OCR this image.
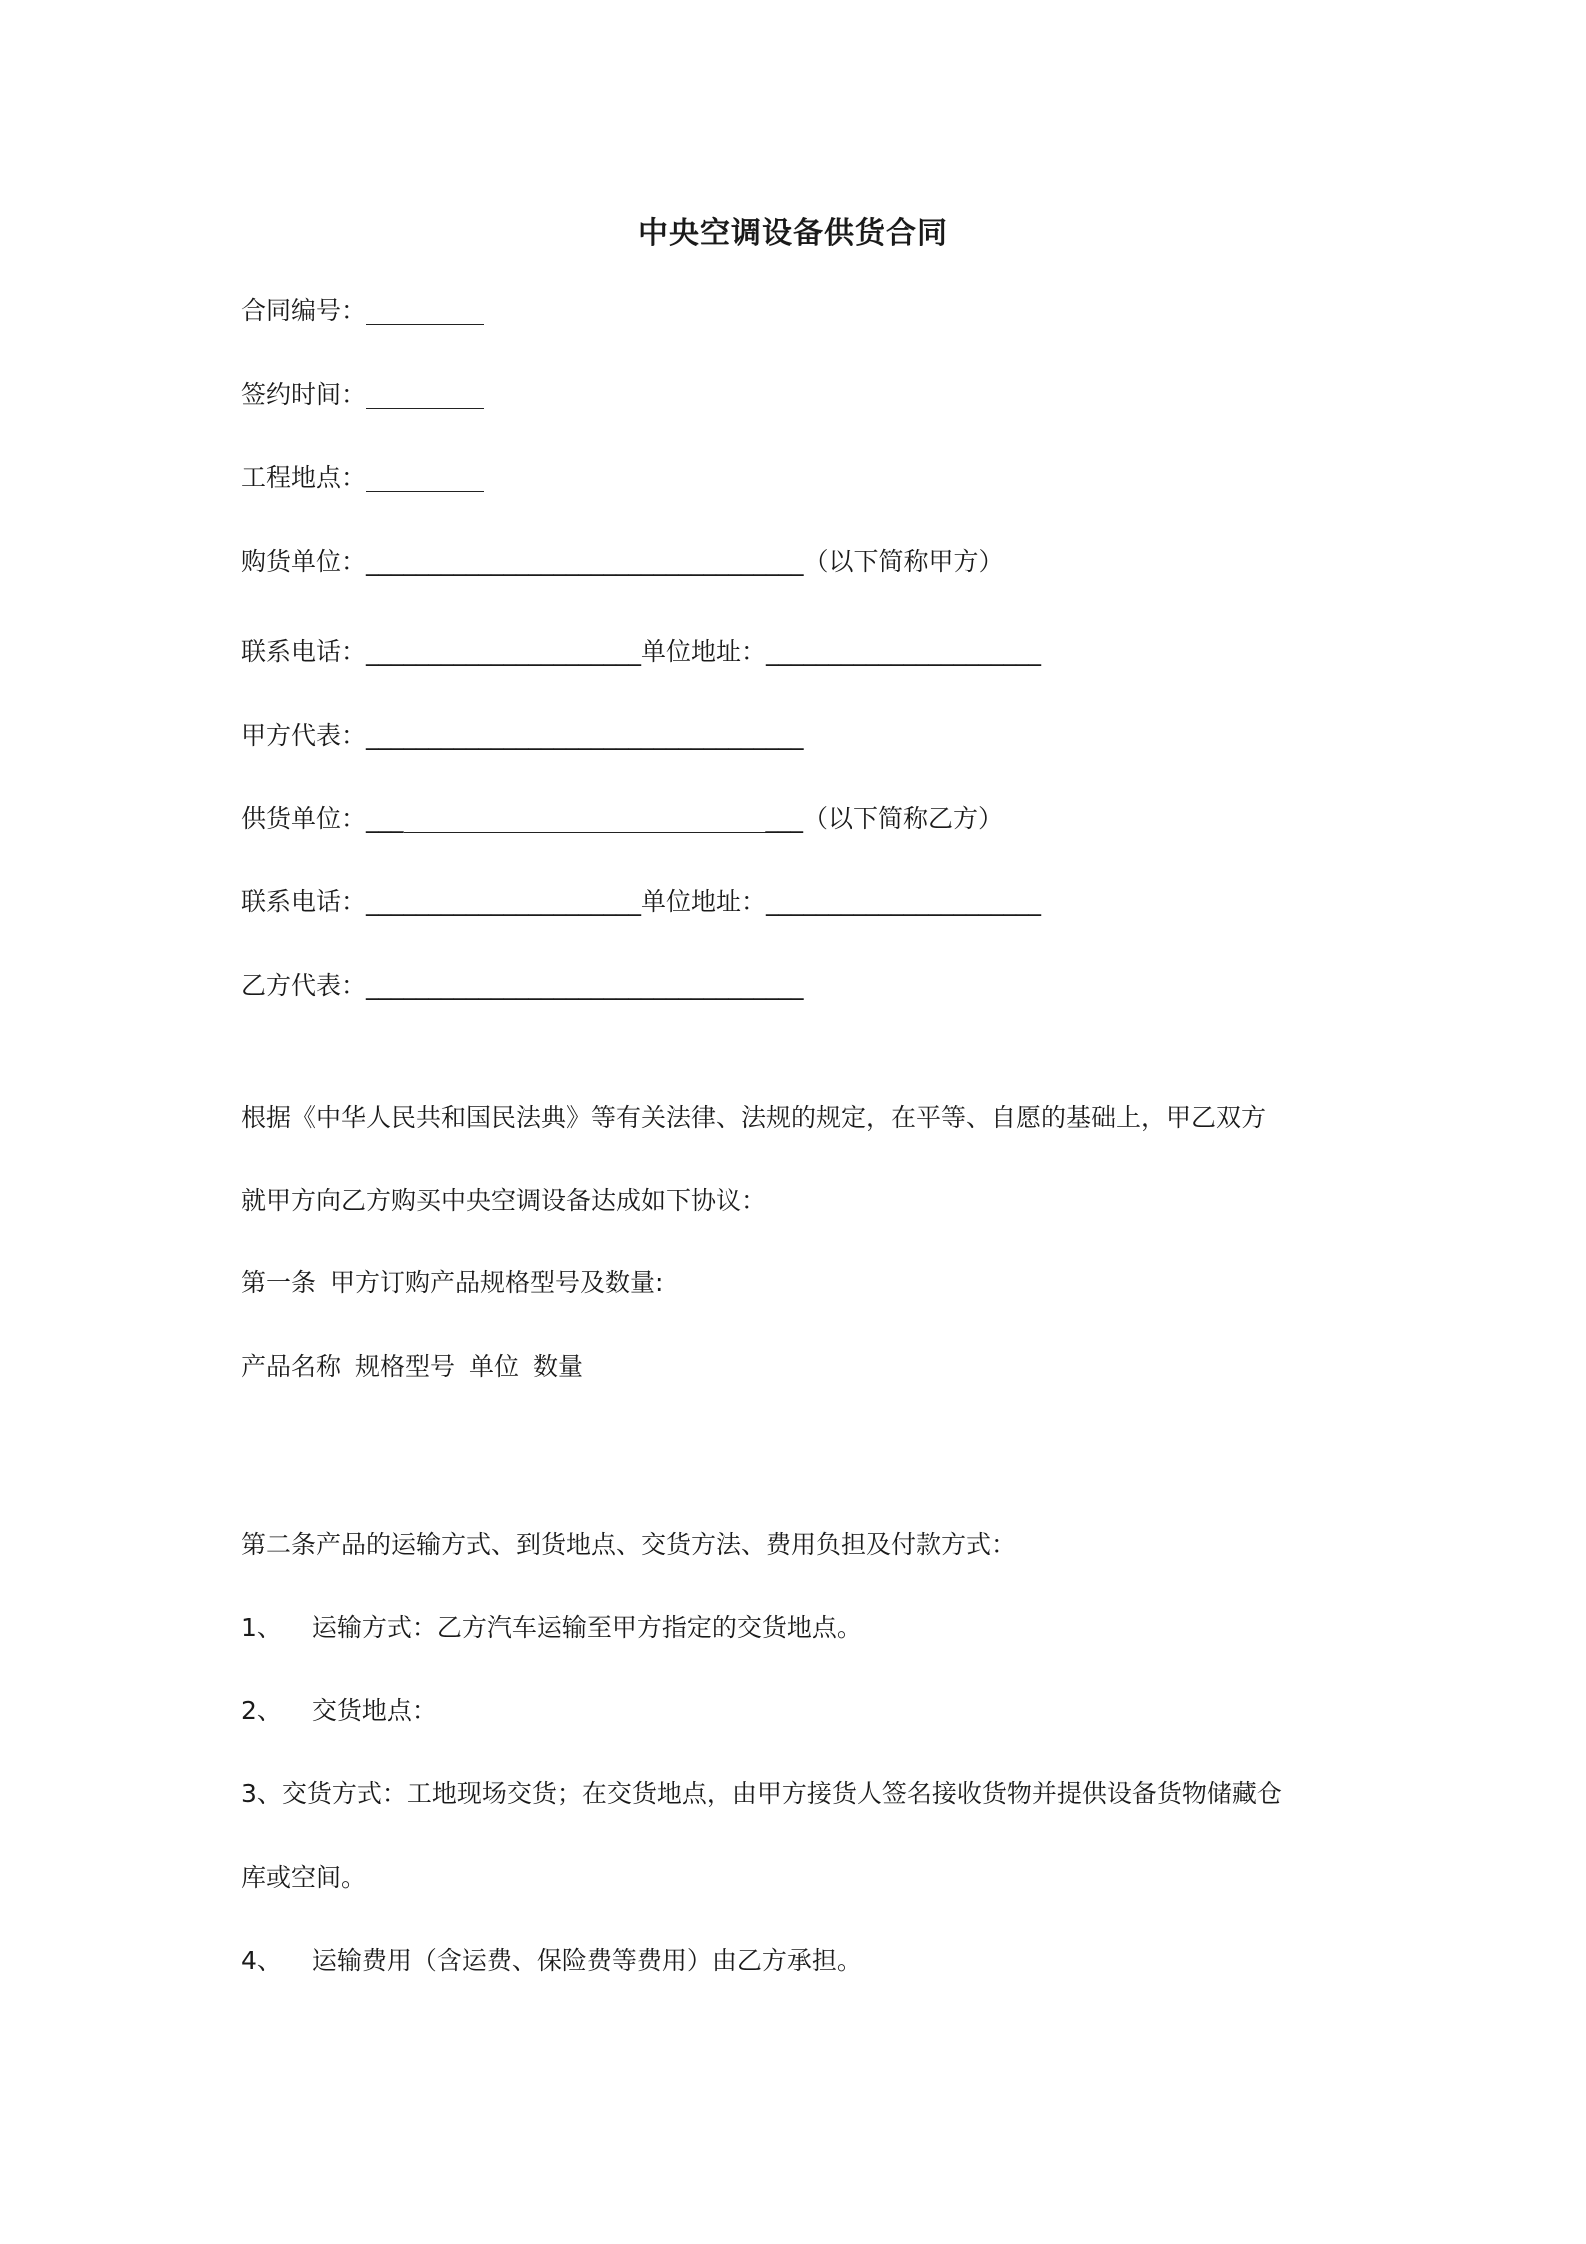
中央空调设备供货合同
合同编号：
签约时间：
工程地点：
购货单位：___________________________________（以下简称甲方）
联系电话：______________________单位地址：______________________
甲方代表：___________________________________
供货单位：___	___（以下简称乙方）
联系电话：______________________单位地址：______________________
乙方代表：___________________________________
根据《中华人民共和国民法典》等有关法律、法规的规定，在平等、自愿的基础上，甲乙双方
就甲方向乙方购买中央空调设备达成如下协议：
第一条 甲方订购产品规格型号及数量:
产品名称 规格型号 单位 数量
第二条产品的运输方式、到货地点、交货方法、费用负担及付款方式：
1、 运输方式：乙方汽车运输至甲方指定的交货地点。
2、 交货地点：
3、交货方式：工地现场交货；在交货地点，由甲方接货人签名接收货物并提供设备货物储藏仓
库或空间。
4、 运输费用（含运费、保险费等费用）由乙方承担。
